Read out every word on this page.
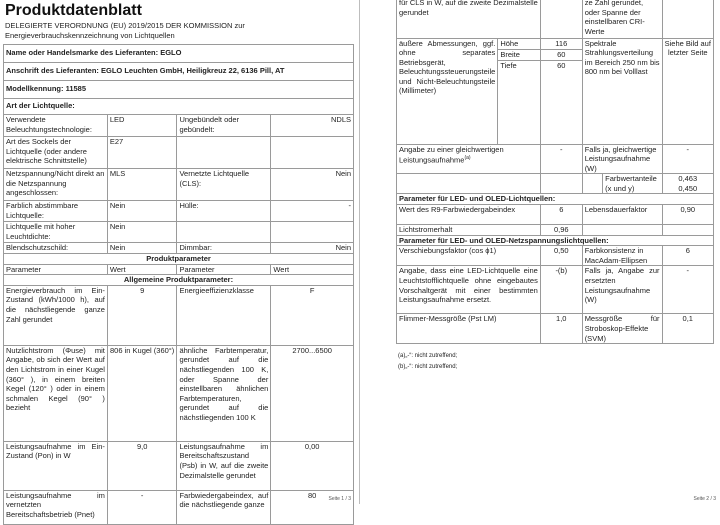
Produktdatenblatt
DELEGIERTE VERORDNUNG (EU) 2019/2015 DER KOMMISSION zur Energieverbrauchskennzeichnung von Lichtquellen
Name oder Handelsmarke des Lieferanten: EGLO			
Anschrift des Lieferanten: EGLO Leuchten GmbH, Heiligkreuz 22, 6136 Pill, AT			
Modellkennung: 11585			
Art der Lichtquelle:			
Verwendete Beleuchtungstechnologie:	LED	Ungebündelt oder gebündelt:	NDLS
Art des Sockels der Lichtquelle (oder andere elektrische Schnittstelle)	E27		
Netzspannung/Nicht direkt an die Netzspannung angeschlossen:	MLS	Vernetzte Lichtquelle (CLS):	Nein
Farblich abstimmbare Lichtquelle:	Nein	Hülle:	-
Lichtquelle mit hoher Leuchtdichte:	Nein		
Blendschutzschild:	Nein	Dimmbar:	Nein
Produktparameter			
Parameter	Wert	Parameter	Wert
Allgemeine Produktparameter:			
Energieverbrauch im Ein-Zustand (kWh/1000 h), auf die nächstliegende ganze Zahl gerundet	9	Energieeffizienzklasse	F
Nutzlichtstrom (Φuse) mit Angabe, ob sich der Wert auf den Lichtstrom in einer Kugel (360° ), in einem breiten Kegel (120° ) oder in einem schmalen Kegel (90° ) bezieht	806 in Kugel (360°)	ähnliche Farbtemperatur, gerundet auf die nächstliegenden 100 K, oder Spanne der einstellbaren ähnlichen Farbtemperaturen, gerundet auf die nächstliegenden 100 K	2700...6500
Leistungsaufnahme im Ein-Zustand (Pon) in W	9,0	Leistungsaufnahme im Bereitschaftszustand (Psb) in W, auf die zweite Dezimalstelle gerundet	0,00
Leistungsaufnahme im vernetzten Bereitschaftsbetrieb (Pnet)	-	Farbwiedergabeindex, auf die nächstliegende ganze	80 Seite 1 / 3
für CLS in W, auf die zweite Dezimalstelle gerundet			ze Zahl gerundet, oder Spanne der einstellbaren CRI-Werte		
äußere Abmessungen, ggf. ohne separates Betriebsgerät, Beleuchtungssteuerungsteile und Nicht-Beleuchtungsteile (Millimeter)	Höhe	116	Spektrale Strahlungsverteilung im Bereich 250 nm bis 800 nm bei Volllast		Siehe Bild auf letzter Seite
	Breite	60			
	Tiefe	60			
Angabe zu einer gleichwertigen Leistungsaufnahme$^{(a)}$		-	Falls ja, gleichwertige Leistungsaufnahme (W)		-
				Farbwertanteile (x und y)	0,463
0,450

Parameter für LED- und OLED-Lichtquellen:					
Wert des R9-Farbwiedergabeindex		6	Lebensdauerfaktor		0,90
Lichtstromerhalt		0,96			
Parameter für LED- und OLED-Netzspannungslichtquellen:					
Verschiebungsfaktor (cos ϕ1)		0,50	Farbkonsistenz in MacAdam-Ellipsen		6
Angabe, dass eine LED-Lichtquelle eine Leuchtstofflichtquelle ohne eingebautes Vorschaltgerät mit einer bestimmten Leistungsaufnahme ersetzt.		-(b)	Falls ja, Angabe zur ersetzten Leistungsaufnahme (W)		-
Flimmer-Messgröße (Pst LM)		1,0	Messgröße für Stroboskop-Effekte (SVM)		0,1
(a)„-“: nicht zutreffend;
(b)„-“: nicht zutreffend;
Seite 2 / 3
